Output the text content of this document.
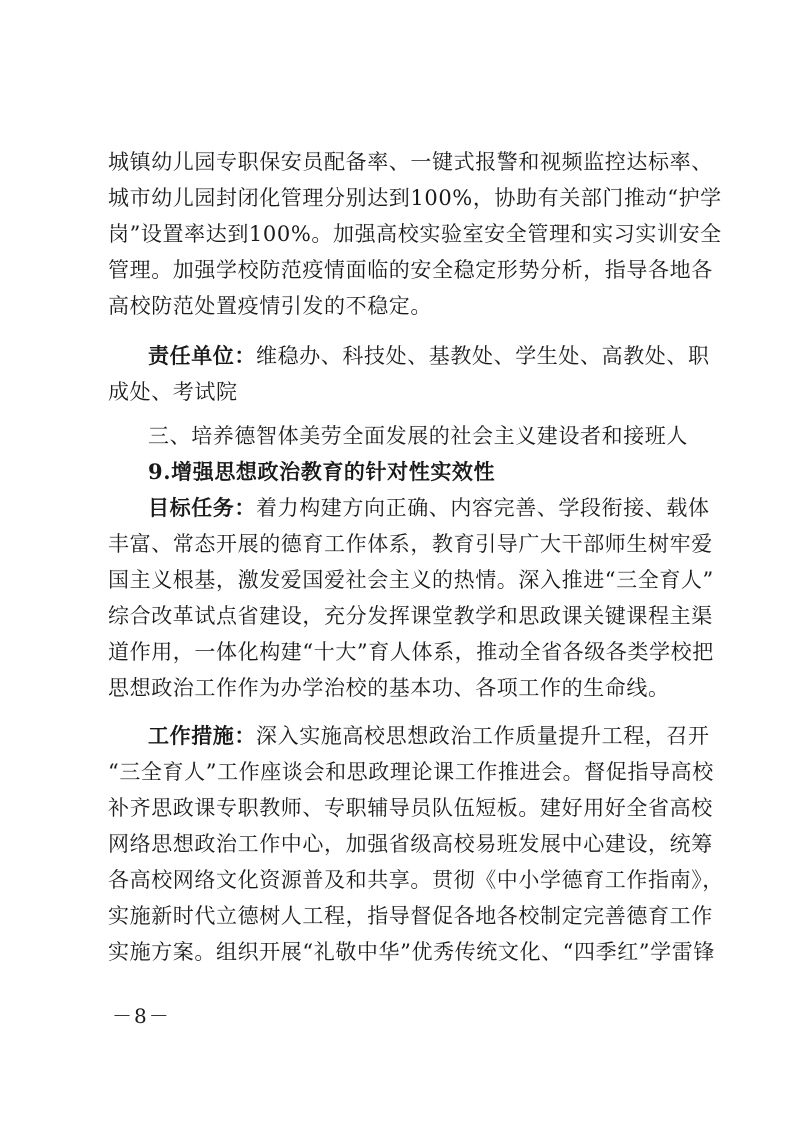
城镇幼儿园专职保安员配备率、一键式报警和视频监控达标率、
城市幼儿园封闭化管理分别达到100%，协助有关部门推动“护学
岗”设置率达到100%。加强高校实验室安全管理和实习实训安全
管理。加强学校防范疫情面临的安全稳定形势分析，指导各地各
高校防范处置疫情引发的不稳定。
责任单位：维稳办、科技处、基教处、学生处、高教处、职
成处、考试院
三、培养德智体美劳全面发展的社会主义建设者和接班人
9.增强思想政治教育的针对性实效性
目标任务：着力构建方向正确、内容完善、学段衔接、载体
丰富、常态开展的德育工作体系，教育引导广大干部师生树牢爱
国主义根基，激发爱国爱社会主义的热情。深入推进“三全育人”
综合改革试点省建设，充分发挥课堂教学和思政课关键课程主渠
道作用，一体化构建“十大”育人体系，推动全省各级各类学校把
思想政治工作作为办学治校的基本功、各项工作的生命线。
工作措施：深入实施高校思想政治工作质量提升工程，召开
“三全育人”工作座谈会和思政理论课工作推进会。督促指导高校
补齐思政课专职教师、专职辅导员队伍短板。建好用好全省高校
网络思想政治工作中心，加强省级高校易班发展中心建设，统筹
各高校网络文化资源普及和共享。贯彻《中小学德育工作指南》，
实施新时代立德树人工程，指导督促各地各校制定完善德育工作
实施方案。组织开展“礼敬中华”优秀传统文化、“四季红”学雷锋
－8－
